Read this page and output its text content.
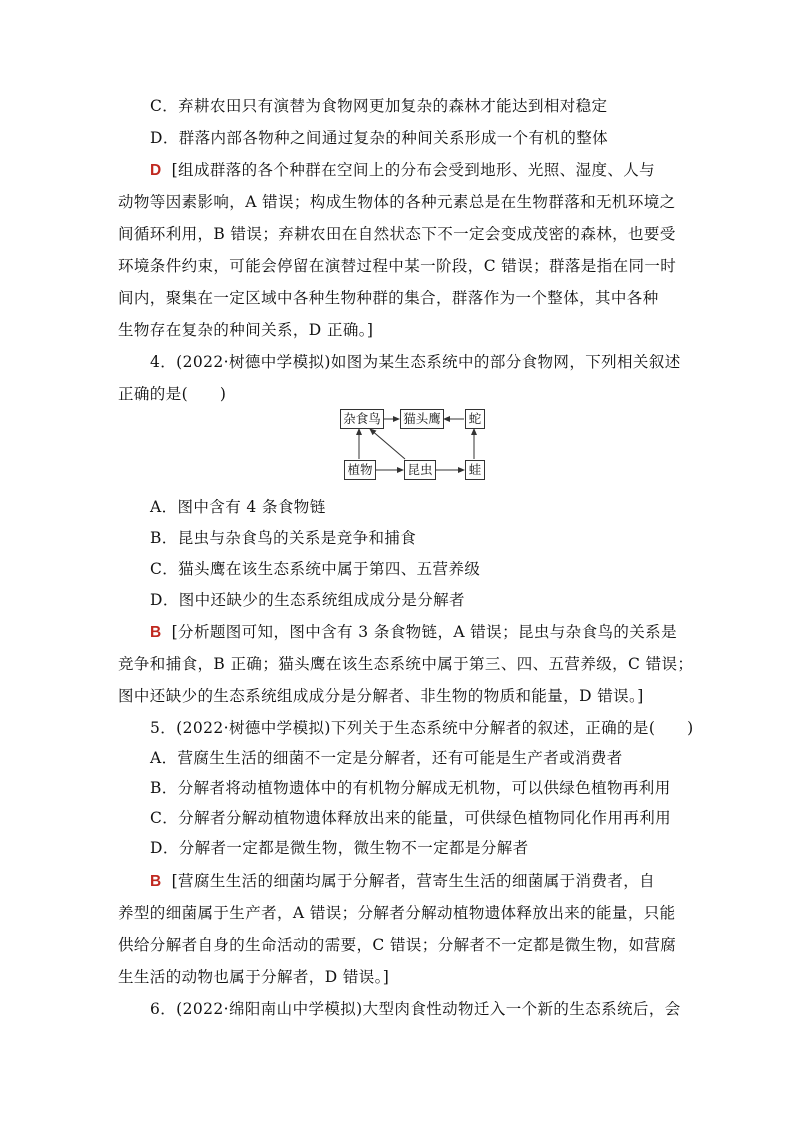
C．弃耕农田只有演替为食物网更加复杂的森林才能达到相对稳定
D．群落内部各物种之间通过复杂的种间关系形成一个有机的整体
D [组成群落的各个种群在空间上的分布会受到地形、光照、湿度、人与
动物等因素影响，A 错误；构成生物体的各种元素总是在生物群落和无机环境之
间循环利用，B 错误；弃耕农田在自然状态下不一定会变成茂密的森林，也要受
环境条件约束，可能会停留在演替过程中某一阶段，C 错误；群落是指在同一时
间内，聚集在一定区域中各种生物种群的集合，群落作为一个整体，其中各种
生物存在复杂的种间关系，D 正确。]
4．(2022·树德中学模拟)如图为某生态系统中的部分食物网，下列相关叙述
正确的是(　　)
杂食鸟 猫头鹰 蛇
植物	昆虫	蛙
A．图中含有 4 条食物链
B．昆虫与杂食鸟的关系是竞争和捕食
C．猫头鹰在该生态系统中属于第四、五营养级
D．图中还缺少的生态系统组成成分是分解者
B [分析题图可知，图中含有 3 条食物链，A 错误；昆虫与杂食鸟的关系是
竞争和捕食，B 正确；猫头鹰在该生态系统中属于第三、四、五营养级，C 错误；
图中还缺少的生态系统组成成分是分解者、非生物的物质和能量，D 错误。]
5．(2022·树德中学模拟)下列关于生态系统中分解者的叙述，正确的是(　　)
A．营腐生生活的细菌不一定是分解者，还有可能是生产者或消费者
B．分解者将动植物遗体中的有机物分解成无机物，可以供绿色植物再利用
C．分解者分解动植物遗体释放出来的能量，可供绿色植物同化作用再利用
D．分解者一定都是微生物，微生物不一定都是分解者
B [营腐生生活的细菌均属于分解者，营寄生生活的细菌属于消费者，自
养型的细菌属于生产者，A 错误；分解者分解动植物遗体释放出来的能量，只能
供给分解者自身的生命活动的需要，C 错误；分解者不一定都是微生物，如营腐
生生活的动物也属于分解者，D 错误。]
6．(2022·绵阳南山中学模拟)大型肉食性动物迁入一个新的生态系统后，会
